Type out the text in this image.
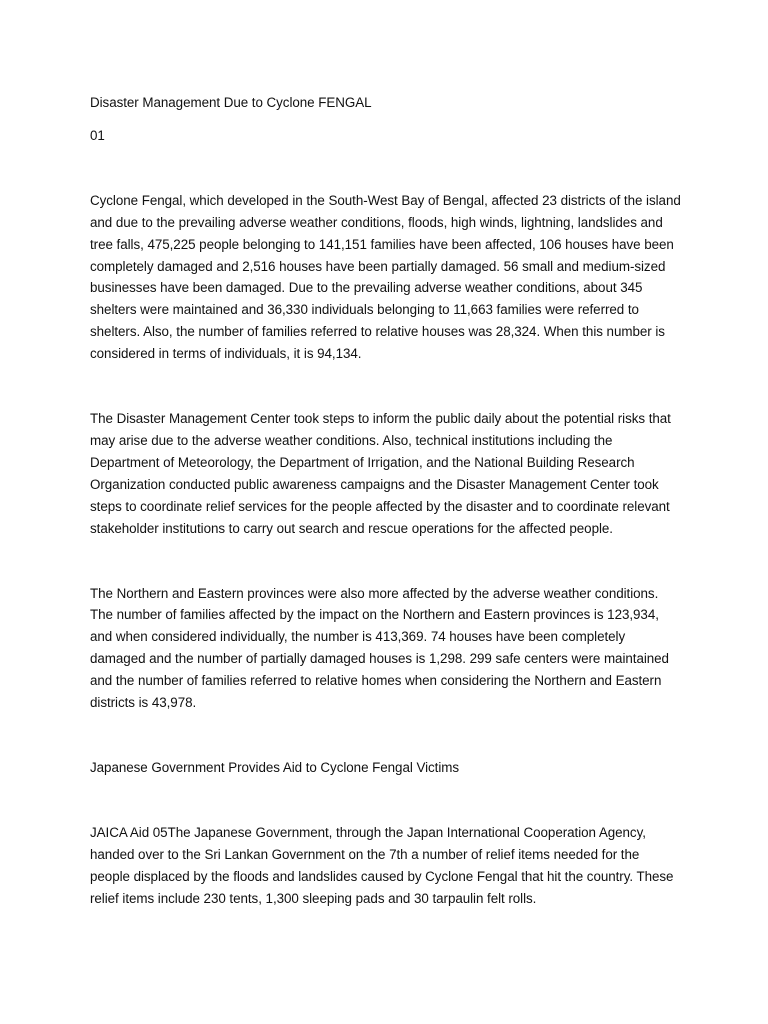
Disaster Management Due to Cyclone FENGAL

01

Cyclone Fengal, which developed in the South-West Bay of Bengal, affected 23 districts of the island and due to the prevailing adverse weather conditions, floods, high winds, lightning, landslides and tree falls, 475,225 people belonging to 141,151 families have been affected, 106 houses have been completely damaged and 2,516 houses have been partially damaged. 56 small and medium-sized businesses have been damaged. Due to the prevailing adverse weather conditions, about 345 shelters were maintained and 36,330 individuals belonging to 11,663 families were referred to shelters. Also, the number of families referred to relative houses was 28,324. When this number is considered in terms of individuals, it is 94,134.

The Disaster Management Center took steps to inform the public daily about the potential risks that may arise due to the adverse weather conditions. Also, technical institutions including the Department of Meteorology, the Department of Irrigation, and the National Building Research Organization conducted public awareness campaigns and the Disaster Management Center took steps to coordinate relief services for the people affected by the disaster and to coordinate relevant stakeholder institutions to carry out search and rescue operations for the affected people.

The Northern and Eastern provinces were also more affected by the adverse weather conditions. The number of families affected by the impact on the Northern and Eastern provinces is 123,934, and when considered individually, the number is 413,369. 74 houses have been completely damaged and the number of partially damaged houses is 1,298. 299 safe centers were maintained and the number of families referred to relative homes when considering the Northern and Eastern districts is 43,978.

Japanese Government Provides Aid to Cyclone Fengal Victims

JAICA Aid 05The Japanese Government, through the Japan International Cooperation Agency, handed over to the Sri Lankan Government on the 7th a number of relief items needed for the people displaced by the floods and landslides caused by Cyclone Fengal that hit the country. These relief items include 230 tents, 1,300 sleeping pads and 30 tarpaulin felt rolls.
